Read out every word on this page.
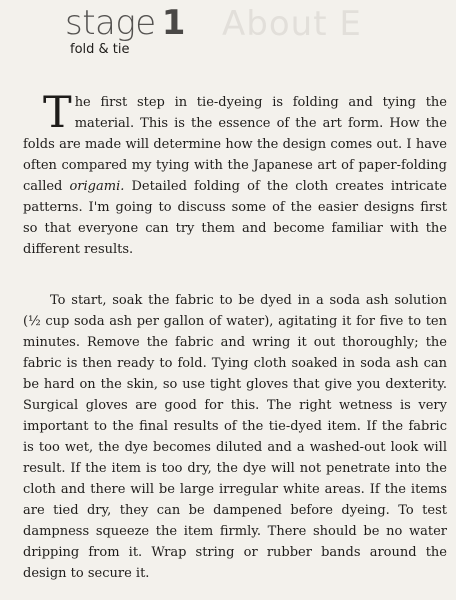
About E
stage 1
fold & tie

The first step in tie-dyeing is folding and tying the material. This is the essence of the art form. How the folds are made will determine how the design comes out. I have often compared my tying with the Japanese art of paper-folding called origami. Detailed folding of the cloth creates intricate patterns. I'm going to discuss some of the easier designs first so that everyone can try them and become familiar with the different results.

To start, soak the fabric to be dyed in a soda ash solution (½ cup soda ash per gallon of water), agitating it for five to ten minutes. Remove the fabric and wring it out thoroughly; the fabric is then ready to fold. Tying cloth soaked in soda ash can be hard on the skin, so use tight gloves that give you dexterity. Surgical gloves are good for this. The right wetness is very important to the final results of the tie-dyed item. If the fabric is too wet, the dye becomes diluted and a washed-out look will result. If the item is too dry, the dye will not penetrate into the cloth and there will be large irregular white areas. If the items are tied dry, they can be dampened before dyeing. To test dampness squeeze the item firmly. There should be no water dripping from it. Wrap string or rubber bands around the design to secure it.
